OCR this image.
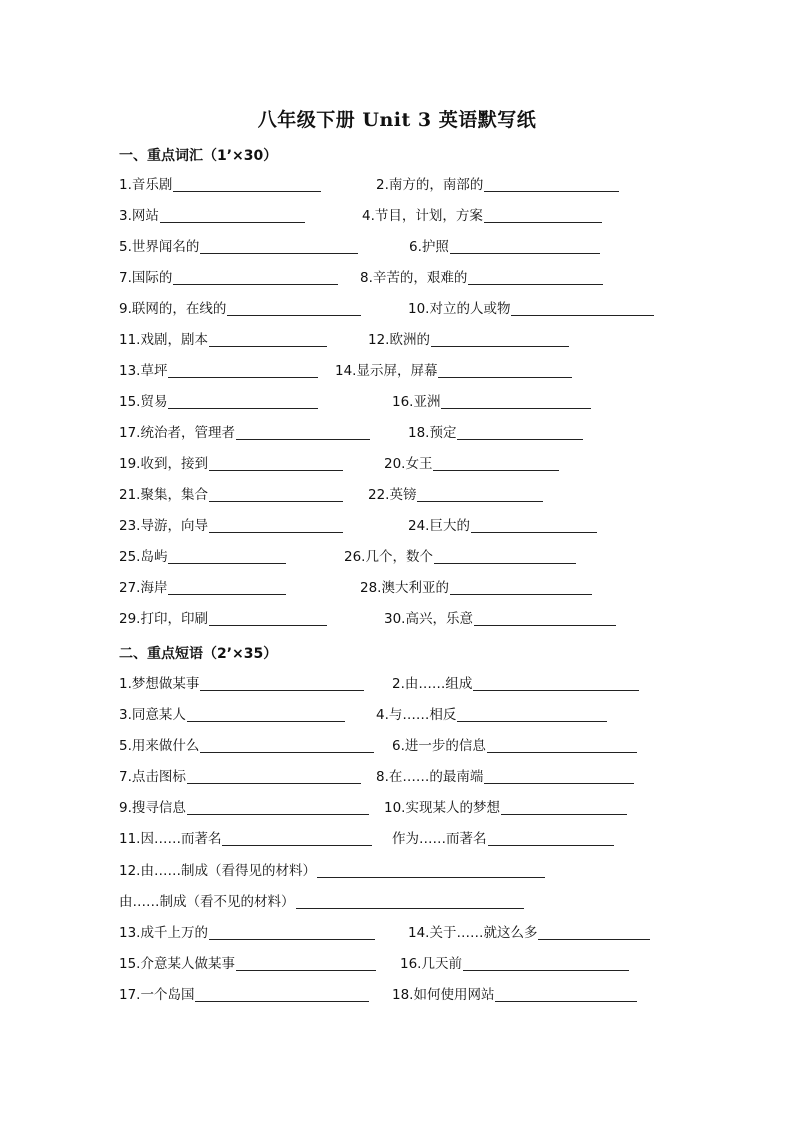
八年级下册 Unit 3 英语默写纸
一、重点词汇（1’×30）
1.音乐剧	2.南方的，南部的
3.网站	4.节目，计划，方案
5.世界闻名的	6.护照
7.国际的	8.辛苦的，艰难的
9.联网的，在线的	10.对立的人或物
11.戏剧，剧本	12.欧洲的
13.草坪	14.显示屏，屏幕
15.贸易	16.亚洲
17.统治者，管理者	18.预定
19.收到，接到	20.女王
21.聚集，集合	22.英镑
23.导游，向导	24.巨大的
25.岛屿	26.几个，数个
27.海岸	28.澳大利亚的
29.打印，印刷	30.高兴，乐意
二、重点短语（2’×35）
1.梦想做某事	2.由……组成
3.同意某人	4.与……相反
5.用来做什么	6.进一步的信息
7.点击图标	8.在……的最南端
9.搜寻信息	10.实现某人的梦想
11.因……而著名	作为……而著名
12.由……制成（看得见的材料）
由……制成（看不见的材料）
13.成千上万的	14.关于……就这么多
15.介意某人做某事	16.几天前
17.一个岛国	18.如何使用网站
